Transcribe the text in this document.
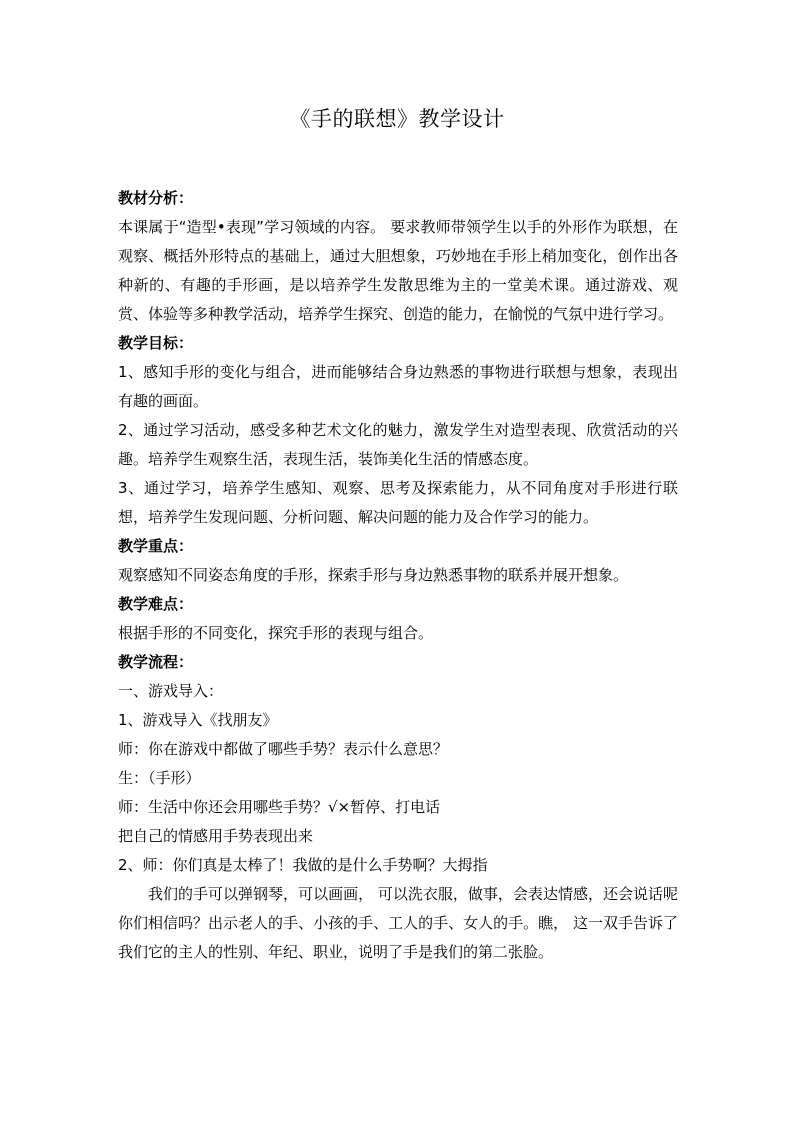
《手的联想》教学设计
教材分析：
本课属于“造型•表现”学习领域的内容。 要求教师带领学生以手的外形作为联想，在观察、概括外形特点的基础上，通过大胆想象，巧妙地在手形上稍加变化，创作出各种新的、有趣的手形画，是以培养学生发散思维为主的一堂美术课。通过游戏、观赏、体验等多种教学活动，培养学生探究、创造的能力，在愉悦的气氛中进行学习。
教学目标：
1、感知手形的变化与组合，进而能够结合身边熟悉的事物进行联想与想象，表现出有趣的画面。
2、通过学习活动，感受多种艺术文化的魅力，激发学生对造型表现、欣赏活动的兴趣。培养学生观察生活，表现生活，装饰美化生活的情感态度。
3、通过学习，培养学生感知、观察、思考及探索能力，从不同角度对手形进行联想，培养学生发现问题、分析问题、解决问题的能力及合作学习的能力。
教学重点：
观察感知不同姿态角度的手形，探索手形与身边熟悉事物的联系并展开想象。
教学难点：
根据手形的不同变化，探究手形的表现与组合。
教学流程：
一、游戏导入：
1、游戏导入《找朋友》
师：你在游戏中都做了哪些手势？表示什么意思？
生：（手形）
师：生活中你还会用哪些手势？√×暂停、打电话
把自己的情感用手势表现出来
2、师：你们真是太棒了！我做的是什么手势啊？大拇指
我们的手可以弹钢琴，可以画画， 可以洗衣服，做事，会表达情感，还会说话呢你们相信吗？出示老人的手、小孩的手、工人的手、女人的手。瞧， 这一双手告诉了我们它的主人的性别、年纪、职业，说明了手是我们的第二张脸。
